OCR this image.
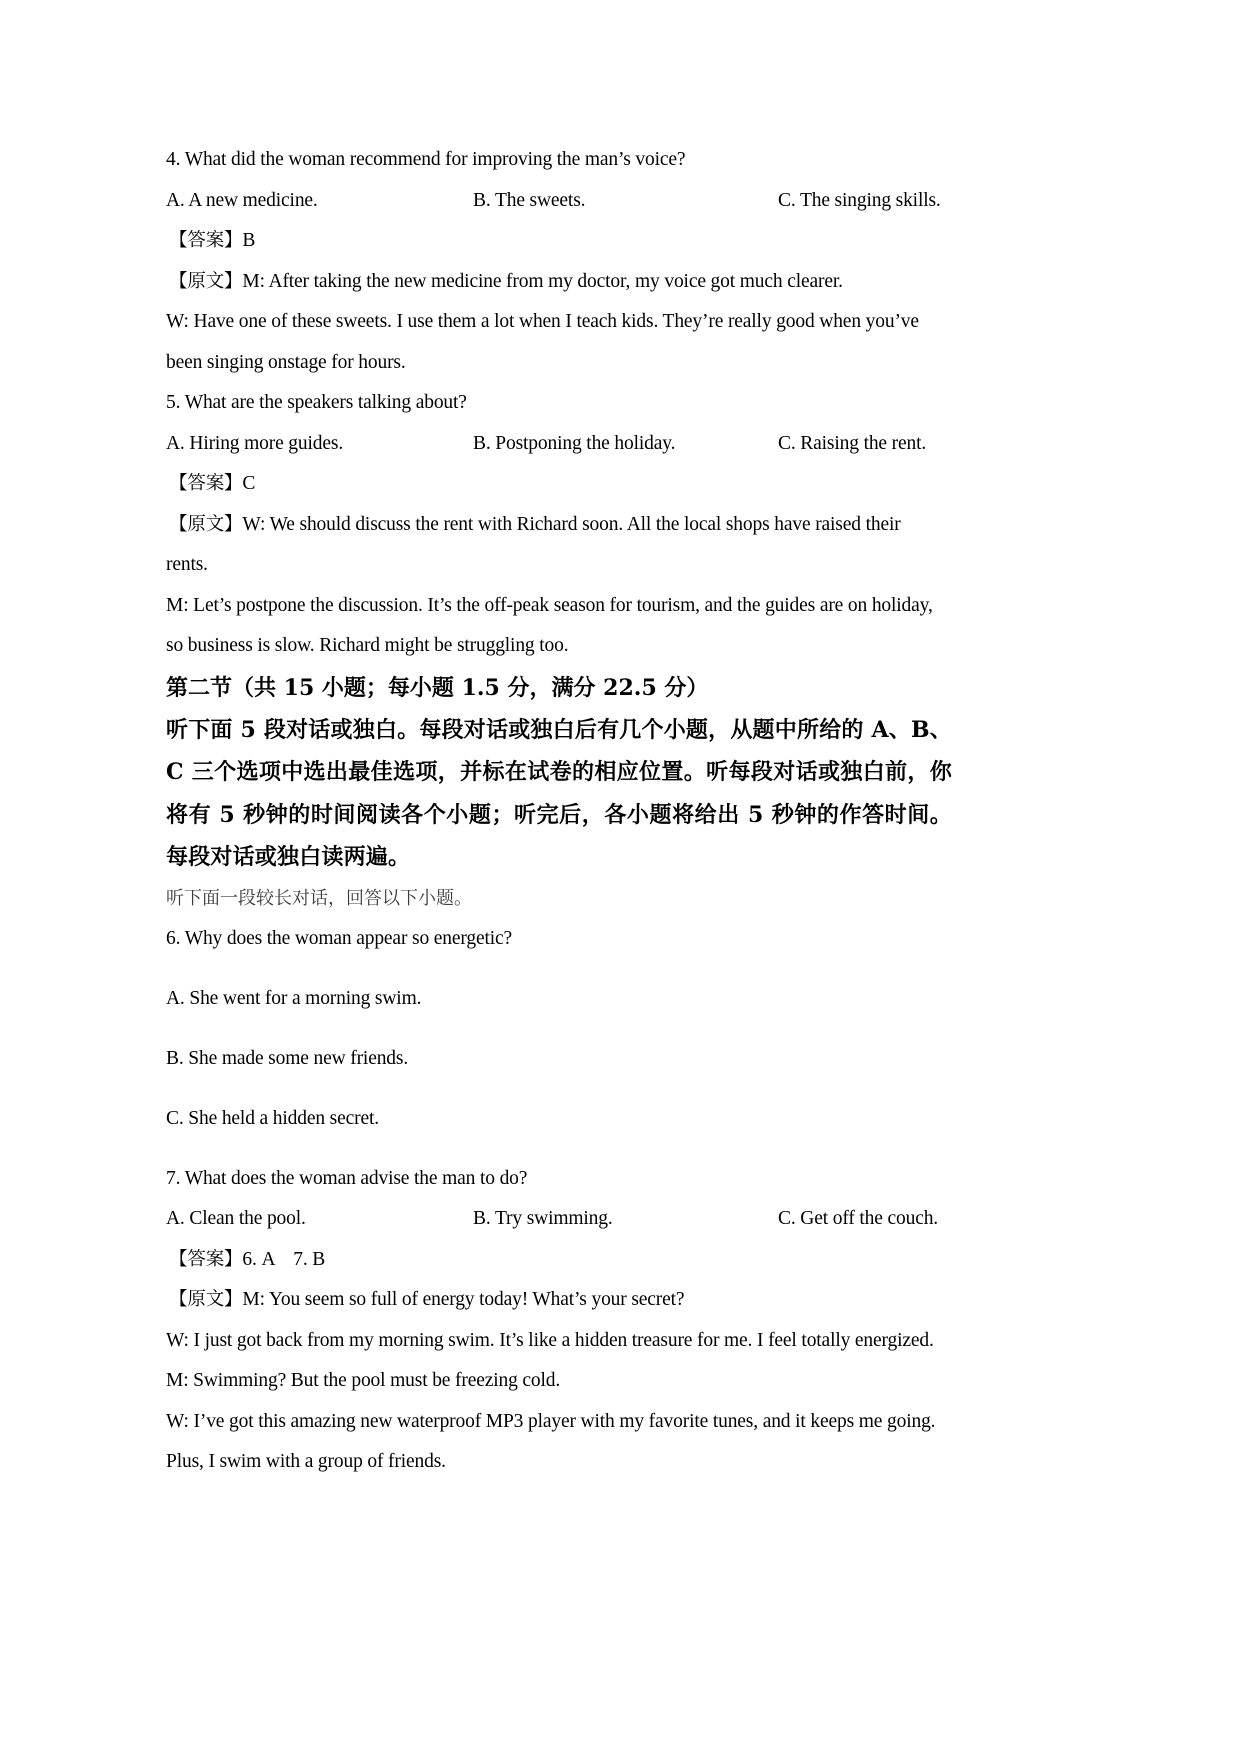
4. What did the woman recommend for improving the man’s voice?

A. A new medicine.	B. The sweets.	C. The singing skills.

【答案】B

【原文】M: After taking the new medicine from my doctor, my voice got much clearer.

W: Have one of these sweets. I use them a lot when I teach kids. They’re really good when you’ve

been singing onstage for hours.

5. What are the speakers talking about?

A. Hiring more guides.	B. Postponing the holiday.	C. Raising the rent.

【答案】C

【原文】W: We should discuss the rent with Richard soon. All the local shops have raised their

rents.

M: Let’s postpone the discussion. It’s the off-peak season for tourism, and the guides are on holiday,

so business is slow. Richard might be struggling too.

第二节（共 15 小题；每小题 1.5 分，满分 22.5 分）

听下面 5 段对话或独白。每段对话或独白后有几个小题，从题中所给的 A、B、C 三个选项中选出最佳选项，并标在试卷的相应位置。听每段对话或独白前，你将有 5 秒钟的时间阅读各个小题；听完后，各小题将给出 5 秒钟的作答时间。每段对话或独白读两遍。

听下面一段较长对话，回答以下小题。

6. Why does the woman appear so energetic?

A. She went for a morning swim.

B. She made some new friends.

C. She held a hidden secret.

7. What does the woman advise the man to do?

A. Clean the pool.	B. Try swimming.	C. Get off the couch.

【答案】6. A    7. B

【原文】M: You seem so full of energy today! What’s your secret?

W: I just got back from my morning swim. It’s like a hidden treasure for me. I feel totally energized.

M: Swimming? But the pool must be freezing cold.

W: I’ve got this amazing new waterproof MP3 player with my favorite tunes, and it keeps me going.

Plus, I swim with a group of friends.
